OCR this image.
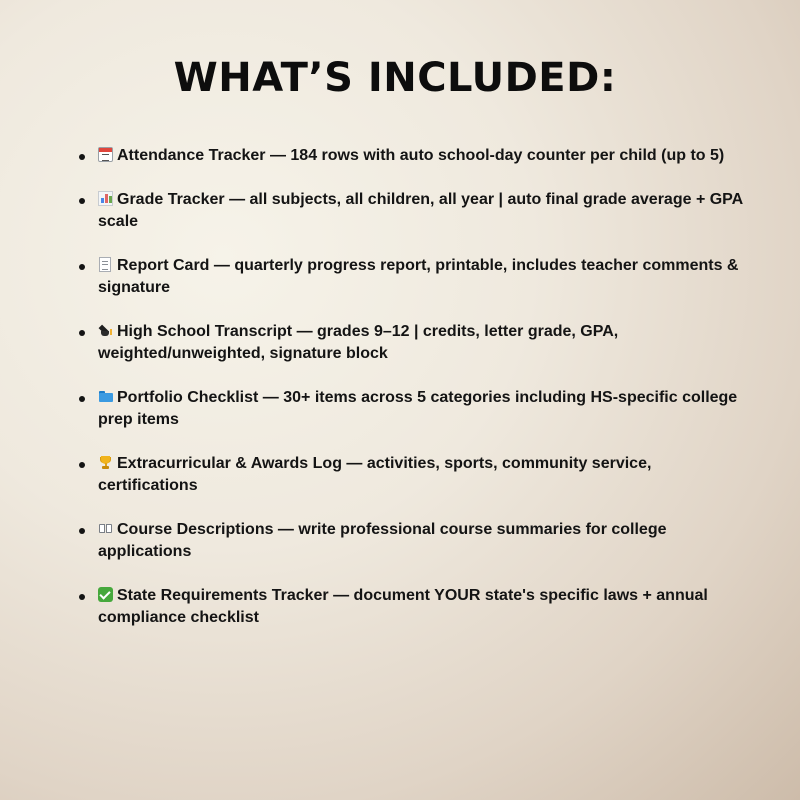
WHAT’S INCLUDED:
Attendance Tracker — 184 rows with auto school-day counter per child (up to 5)
Grade Tracker — all subjects, all children, all year | auto final grade average + GPA scale
Report Card — quarterly progress report, printable, includes teacher comments & signature
High School Transcript — grades 9–12 | credits, letter grade, GPA, weighted/unweighted, signature block
Portfolio Checklist — 30+ items across 5 categories including HS-specific college prep items
Extracurricular & Awards Log — activities, sports, community service, certifications
Course Descriptions — write professional course summaries for college applications
State Requirements Tracker — document YOUR state's specific laws + annual compliance checklist
